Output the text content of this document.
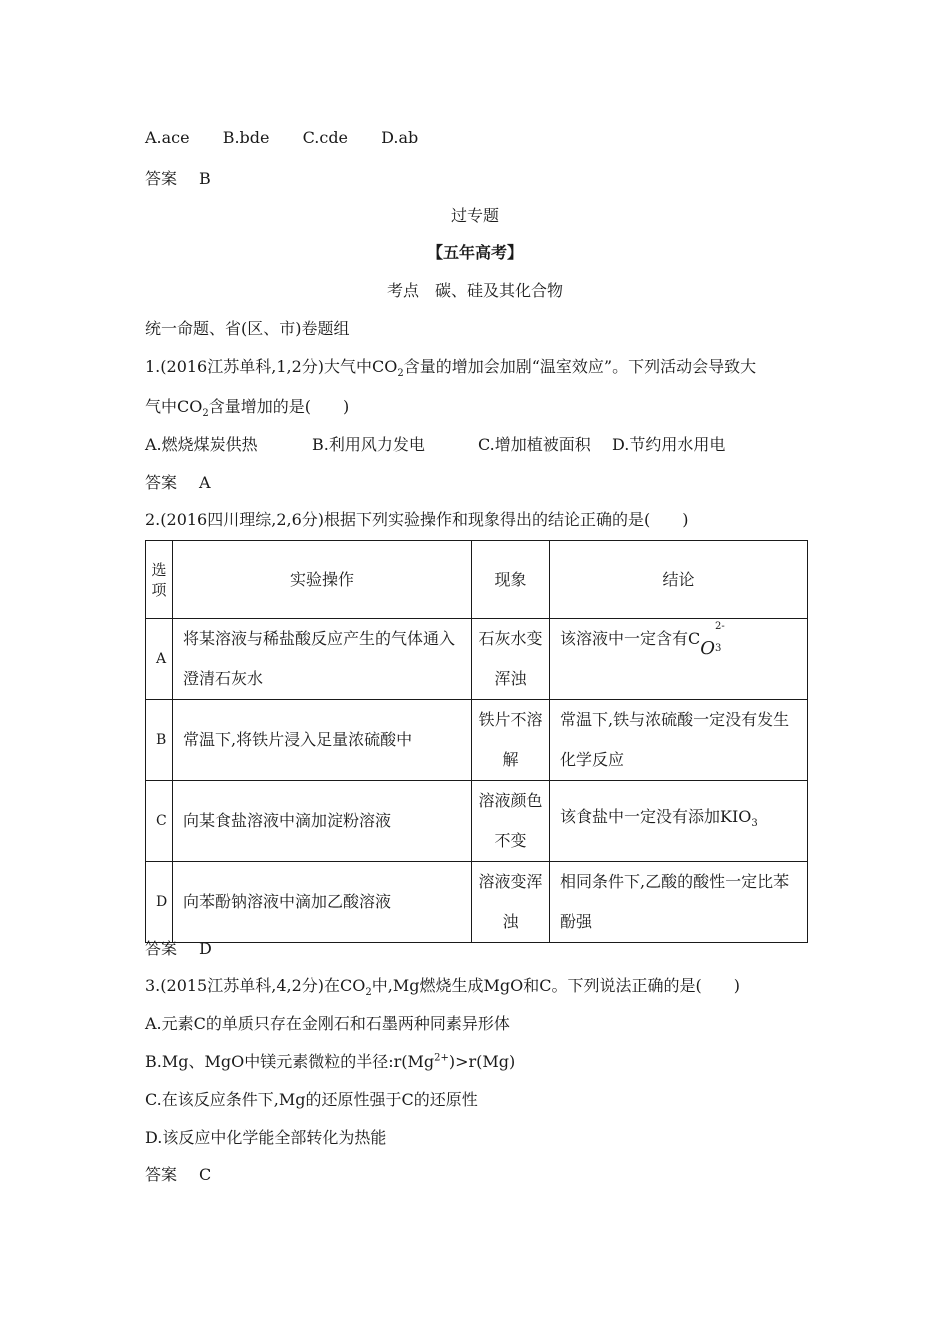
A.ace B.bde C.cde D.ab
答案 B
过专题
【五年高考】
考点　碳、硅及其化合物
统一命题、省(区、市)卷题组
1.(2016江苏单科,1,2分)大气中$CO_2$含量的增加会加剧“温室效应”。下列活动会导致大
气中$CO_2$含量增加的是(　　)
A.燃烧煤炭供热	B.利用风力发电	C.增加植被面积 D.节约用水用电
答案 A
2.(2016四川理综,2,6分)根据下列实验操作和现象得出的结论正确的是(　　)
选项	实验操作	现象	结论
A	将某溶液与稀盐酸反应产生的气体通入澄清石灰水	石灰水变浑浊	该溶液中一定含有CO
2-
3

B	常温下,将铁片浸入足量浓硫酸中	铁片不溶解	常温下,铁与浓硫酸一定没有发生化学反应
C	向某食盐溶液中滴加淀粉溶液	溶液颜色不变	该食盐中一定没有添加$KIO_3$
D	向苯酚钠溶液中滴加乙酸溶液	溶液变浑浊	相同条件下,乙酸的酸性一定比苯酚强
答案 D
3.(2015江苏单科,4,2分)在$CO_2$中,Mg燃烧生成MgO和C。下列说法正确的是(　　)
A.元素C的单质只存在金刚石和石墨两种同素异形体
B.Mg、MgO中镁元素微粒的半径$:r(Mg^{2+})>r(Mg)$
C.在该反应条件下,Mg的还原性强于C的还原性
D.该反应中化学能全部转化为热能
答案 C
